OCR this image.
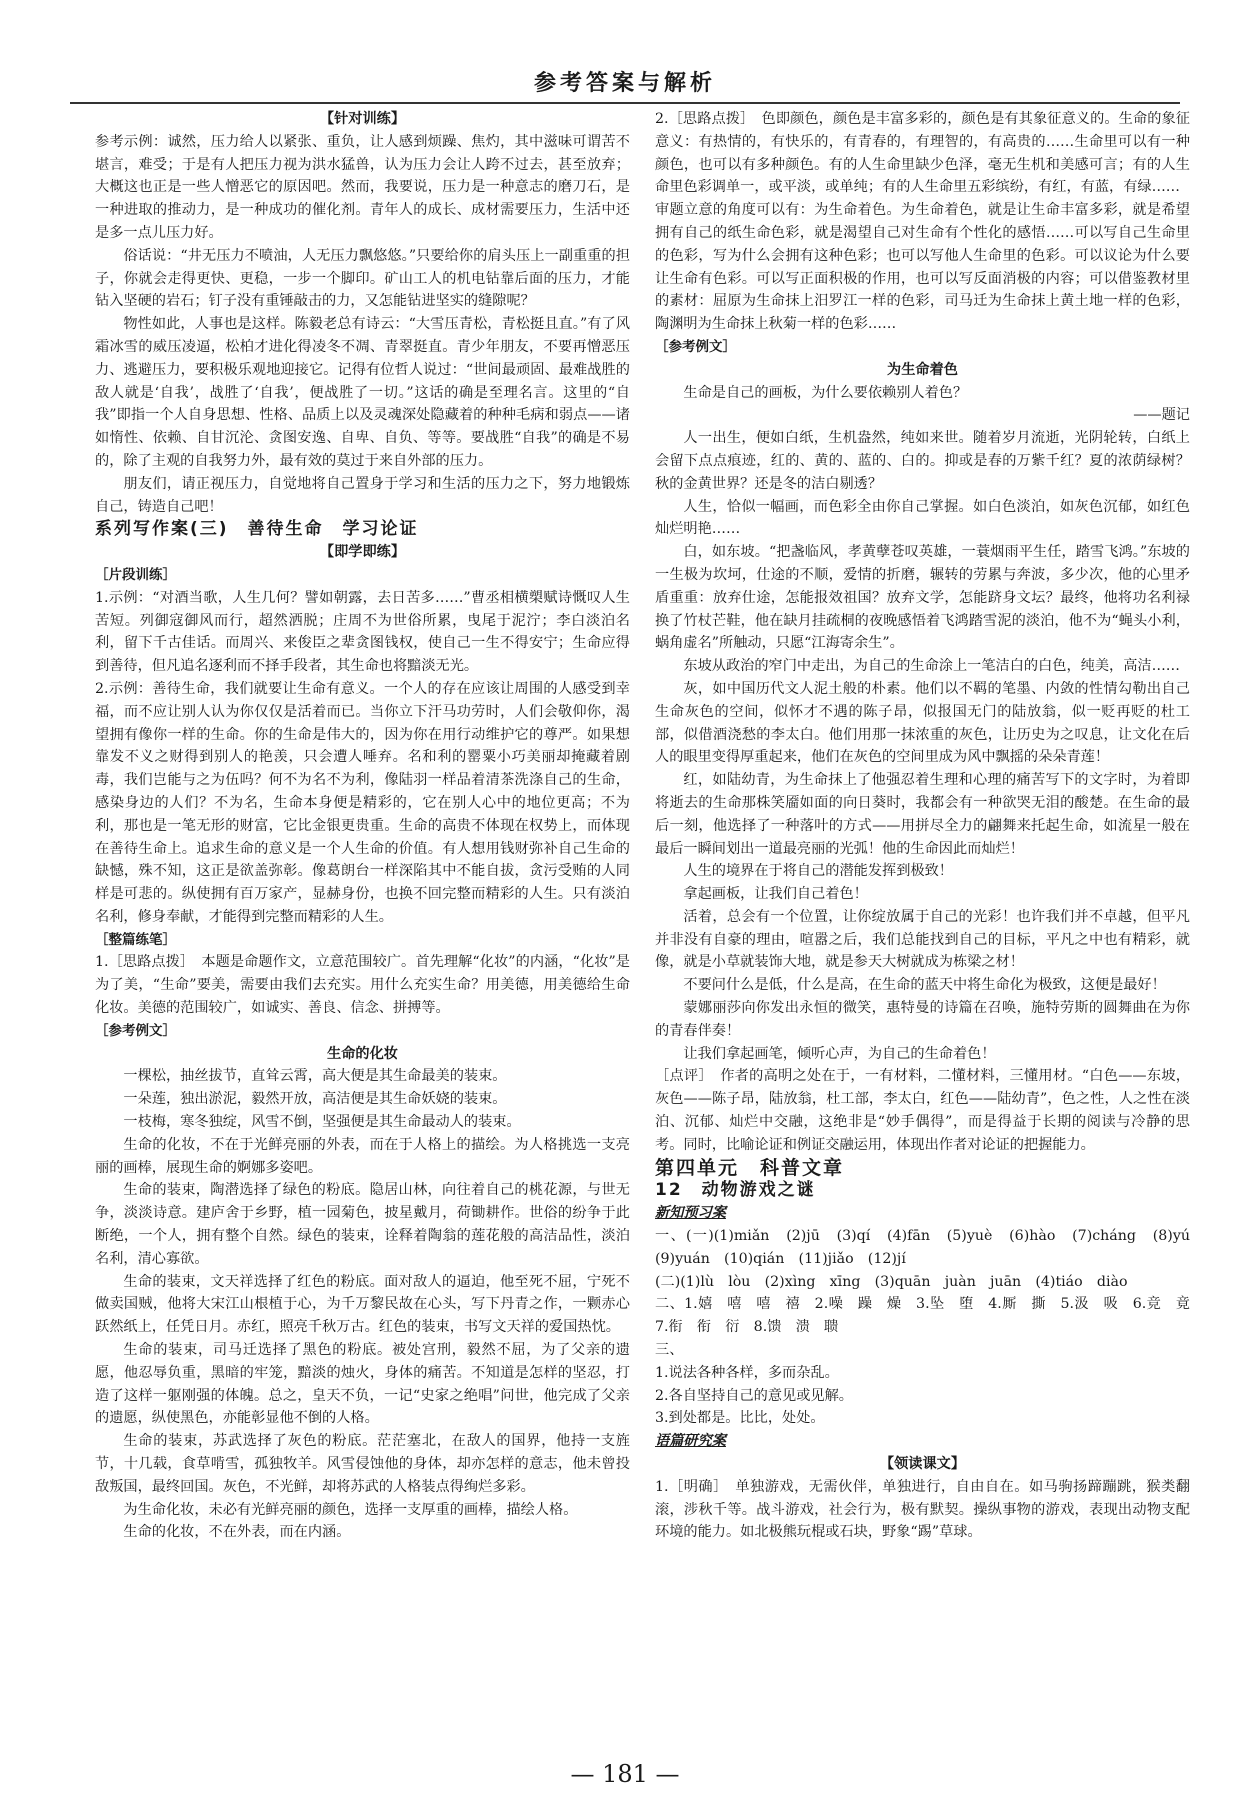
参考答案与解析

【针对训练】

参考示例：诚然，压力给人以紧张、重负，让人感到烦躁、焦灼，其中滋味可谓苦不堪言，难受；于是有人把压力视为洪水猛兽，认为压力会让人跨不过去，甚至放弃；大概这也正是一些人憎恶它的原因吧。然而，我要说，压力是一种意志的磨刀石，是一种进取的推动力，是一种成功的催化剂。青年人的成长、成材需要压力，生活中还是多一点儿压力好。

俗话说：“井无压力不喷油，人无压力飘悠悠。”只要给你的肩头压上一副重重的担子，你就会走得更快、更稳，一步一个脚印。矿山工人的机电钻靠后面的压力，才能钻入坚硬的岩石；钉子没有重锤敲击的力，又怎能钻进坚实的缝隙呢？

物性如此，人事也是这样。陈毅老总有诗云：“大雪压青松，青松挺且直。”有了风霜冰雪的威压凌逼，松柏才进化得凌冬不凋、青翠挺直。青少年朋友，不要再憎恶压力、逃避压力，要积极乐观地迎接它。记得有位哲人说过：“世间最顽固、最难战胜的敌人就是‘自我’，战胜了‘自我’，便战胜了一切。”这话的确是至理名言。这里的“自我”即指一个人自身思想、性格、品质上以及灵魂深处隐藏着的种种毛病和弱点——诸如惰性、依赖、自甘沉沦、贪图安逸、自卑、自负、等等。要战胜“自我”的确是不易的，除了主观的自我努力外，最有效的莫过于来自外部的压力。

朋友们，请正视压力，自觉地将自己置身于学习和生活的压力之下，努力地锻炼自己，铸造自己吧！

系列写作案(三)　善待生命　学习论证

【即学即练】

［片段训练］

1.示例：“对酒当歌，人生几何？譬如朝露，去日苦多……”曹丞相横槊赋诗慨叹人生苦短。列御寇御风而行，超然洒脱；庄周不为世俗所累，曳尾于泥泞；李白淡泊名利，留下千古佳话。而周兴、来俊臣之辈贪图钱权，使自己一生不得安宁；生命应得到善待，但凡追名逐利而不择手段者，其生命也将黯淡无光。

2.示例：善待生命，我们就要让生命有意义。一个人的存在应该让周围的人感受到幸福，而不应让别人认为你仅仅是活着而已。当你立下汗马功劳时，人们会敬仰你，渴望拥有像你一样的生命。你的生命是伟大的，因为你在用行动维护它的尊严。如果想靠发不义之财得到别人的艳羡，只会遭人唾弃。名和利的罂粟小巧美丽却掩藏着剧毒，我们岂能与之为伍吗？何不为名不为利，像陆羽一样品着清茶洗涤自己的生命，感染身边的人们？不为名，生命本身便是精彩的，它在别人心中的地位更高；不为利，那也是一笔无形的财富，它比金银更贵重。生命的高贵不体现在权势上，而体现在善待生命上。追求生命的意义是一个人生命的价值。有人想用钱财弥补自己生命的缺憾，殊不知，这正是欲盖弥彰。像葛朗台一样深陷其中不能自拔，贪污受贿的人同样是可悲的。纵使拥有百万家产，显赫身份，也换不回完整而精彩的人生。只有淡泊名利，修身奉献，才能得到完整而精彩的人生。

［整篇练笔］

1.［思路点拨］　本题是命题作文，立意范围较广。首先理解“化妆”的内涵，“化妆”是为了美，“生命”要美，需要由我们去充实。用什么充实生命？用美德，用美德给生命化妆。美德的范围较广，如诚实、善良、信念、拼搏等。

［参考例文］

生命的化妆

一棵松，抽丝拔节，直耸云霄，高大便是其生命最美的装束。

一朵莲，独出淤泥，毅然开放，高洁便是其生命妖娆的装束。

一枝梅，寒冬独绽，风雪不倒，坚强便是其生命最动人的装束。

生命的化妆，不在于光鲜亮丽的外表，而在于人格上的描绘。为人格挑选一支亮丽的画棒，展现生命的婀娜多姿吧。

生命的装束，陶潜选择了绿色的粉底。隐居山林，向往着自己的桃花源，与世无争，淡淡诗意。建庐舍于乡野，植一园菊色，披星戴月，荷锄耕作。世俗的纷争于此断绝，一个人，拥有整个自然。绿色的装束，诠释着陶翁的莲花般的高洁品性，淡泊名利，清心寡欲。

生命的装束，文天祥选择了红色的粉底。面对敌人的逼迫，他至死不屈，宁死不做卖国贼，他将大宋江山根植于心，为千万黎民故在心头，写下丹青之作，一颗赤心跃然纸上，任凭日月。赤红，照亮千秋万古。红色的装束，书写文天祥的爱国热忱。

生命的装束，司马迁选择了黑色的粉底。被处宫刑，毅然不屈，为了父亲的遗愿，他忍辱负重，黑暗的牢笼，黯淡的烛火，身体的痛苦。不知道是怎样的坚忍，打造了这样一躯刚强的体魄。总之，皇天不负，一记“史家之绝唱”问世，他完成了父亲的遗愿，纵使黑色，亦能彰显他不倒的人格。

生命的装束，苏武选择了灰色的粉底。茫茫塞北，在敌人的国界，他持一支旌节，十几载，食草啃雪，孤独牧羊。风雪侵蚀他的身体，却亦怎样的意志，他未曾投敌叛国，最终回国。灰色，不光鲜，却将苏武的人格装点得绚烂多彩。

为生命化妆，未必有光鲜亮丽的颜色，选择一支厚重的画棒，描绘人格。

生命的化妆，不在外表，而在内涵。

2.［思路点拨］　色即颜色，颜色是丰富多彩的，颜色是有其象征意义的。生命的象征意义：有热情的，有快乐的，有青春的，有理智的，有高贵的……生命里可以有一种颜色，也可以有多种颜色。有的人生命里缺少色泽，毫无生机和美感可言；有的人生命里色彩调单一，或平淡，或单纯；有的人生命里五彩缤纷，有红，有蓝，有绿……

审题立意的角度可以有：为生命着色。为生命着色，就是让生命丰富多彩，就是希望拥有自己的纸生命色彩，就是渴望自己对生命有个性化的感悟……可以写自己生命里的色彩，写为什么会拥有这种色彩；也可以写他人生命里的色彩。可以议论为什么要让生命有色彩。可以写正面积极的作用，也可以写反面消极的内容；可以借鉴教材里的素材：屈原为生命抹上汨罗江一样的色彩，司马迁为生命抹上黄土地一样的色彩，陶渊明为生命抹上秋菊一样的色彩……

［参考例文］

为生命着色

生命是自己的画板，为什么要依赖别人着色？

——题记

人一出生，便如白纸，生机盎然，纯如来世。随着岁月流逝，光阴轮转，白纸上会留下点点痕迹，红的、黄的、蓝的、白的。抑或是春的万紫千红？夏的浓荫绿树？秋的金黄世界？还是冬的洁白剔透？

人生，恰似一幅画，而色彩全由你自己掌握。如白色淡泊，如灰色沉郁，如红色灿烂明艳……

白，如东坡。“把盏临风，孝黄孽苍叹英雄，一蓑烟雨平生任，踏雪飞鸿。”东坡的一生极为坎坷，仕途的不顺，爱情的折磨，辗转的劳累与奔波，多少次，他的心里矛盾重重：放弃仕途，怎能报效祖国？放弃文学，怎能跻身文坛？最终，他将功名利禄换了竹杖芒鞋，他在缺月挂疏桐的夜晚感悟着飞鸿踏雪泥的淡泊，他不为“蝇头小利，蜗角虚名”所触动，只愿“江海寄余生”。

东坡从政治的窄门中走出，为自己的生命涂上一笔洁白的白色，纯美，高洁……

灰，如中国历代文人泥土般的朴素。他们以不羁的笔墨、内敛的性情勾勒出自己生命灰色的空间，似怀才不遇的陈子昂，似报国无门的陆放翁，似一贬再贬的杜工部，似借酒浇愁的李太白。他们用那一抹浓重的灰色，让历史为之叹息，让文化在后人的眼里变得厚重起来，他们在灰色的空间里成为风中飘摇的朵朵青莲！

红，如陆幼青，为生命抹上了他强忍着生理和心理的痛苦写下的文字时，为着即将逝去的生命那株笑靥如面的向日葵时，我都会有一种欲哭无泪的酸楚。在生命的最后一刻，他选择了一种落叶的方式——用拼尽全力的翩舞来托起生命，如流星一般在最后一瞬间划出一道最亮丽的光弧！他的生命因此而灿烂！

人生的境界在于将自己的潜能发挥到极致！

拿起画板，让我们自己着色！

活着，总会有一个位置，让你绽放属于自己的光彩！也许我们并不卓越，但平凡并非没有自豪的理由，喧嚣之后，我们总能找到自己的目标，平凡之中也有精彩，就像，就是小草就装饰大地，就是参天大树就成为栋梁之材！

不要问什么是低，什么是高，在生命的蓝天中将生命化为极致，这便是最好！

蒙娜丽莎向你发出永恒的微笑，惠特曼的诗篇在召唤，施特劳斯的圆舞曲在为你的青春伴奏！

让我们拿起画笔，倾听心声，为自己的生命着色！

［点评］　作者的高明之处在于，一有材料，二懂材料，三懂用材。“白色——东坡，灰色——陈子昂，陆放翁，杜工部，李太白，红色——陆幼青”，色之性，人之性在淡泊、沉郁、灿烂中交融，这绝非是“妙手偶得”，而是得益于长期的阅读与冷静的思考。同时，比喻论证和例证交融运用，体现出作者对论证的把握能力。

第四单元　科普文章

12　动物游戏之谜

新知预习案

一、(一)(1)miǎn　(2)jū　(3)qí　(4)fān　(5)yuè　(6)hào　(7)cháng　(8)yú　(9)yuán　(10)qián　(11)jiǎo　(12)jí

(二)(1)lù　lòu　(2)xìng　xīng　(3)quān　juàn　juān　(4)tiáo　diào

二、1.嬉　嘻　嘻　禧　2.噪　躁　燥　3.坠　堕　4.厮　撕　5.汲　吸　6.竞　竟　7.衔　衔　衍　8.馈　溃　聩

三、

1.说法各种各样，多而杂乱。

2.各自坚持自己的意见或见解。

3.到处都是。比比，处处。

语篇研究案

【领读课文】

1.［明确］　单独游戏，无需伙伴，单独进行，自由自在。如马驹扬蹄蹦跳，猴类翻滚，涉秋千等。战斗游戏，社会行为，极有默契。操纵事物的游戏，表现出动物支配环境的能力。如北极熊玩棍或石块，野象“踢”草球。

— 181 —
